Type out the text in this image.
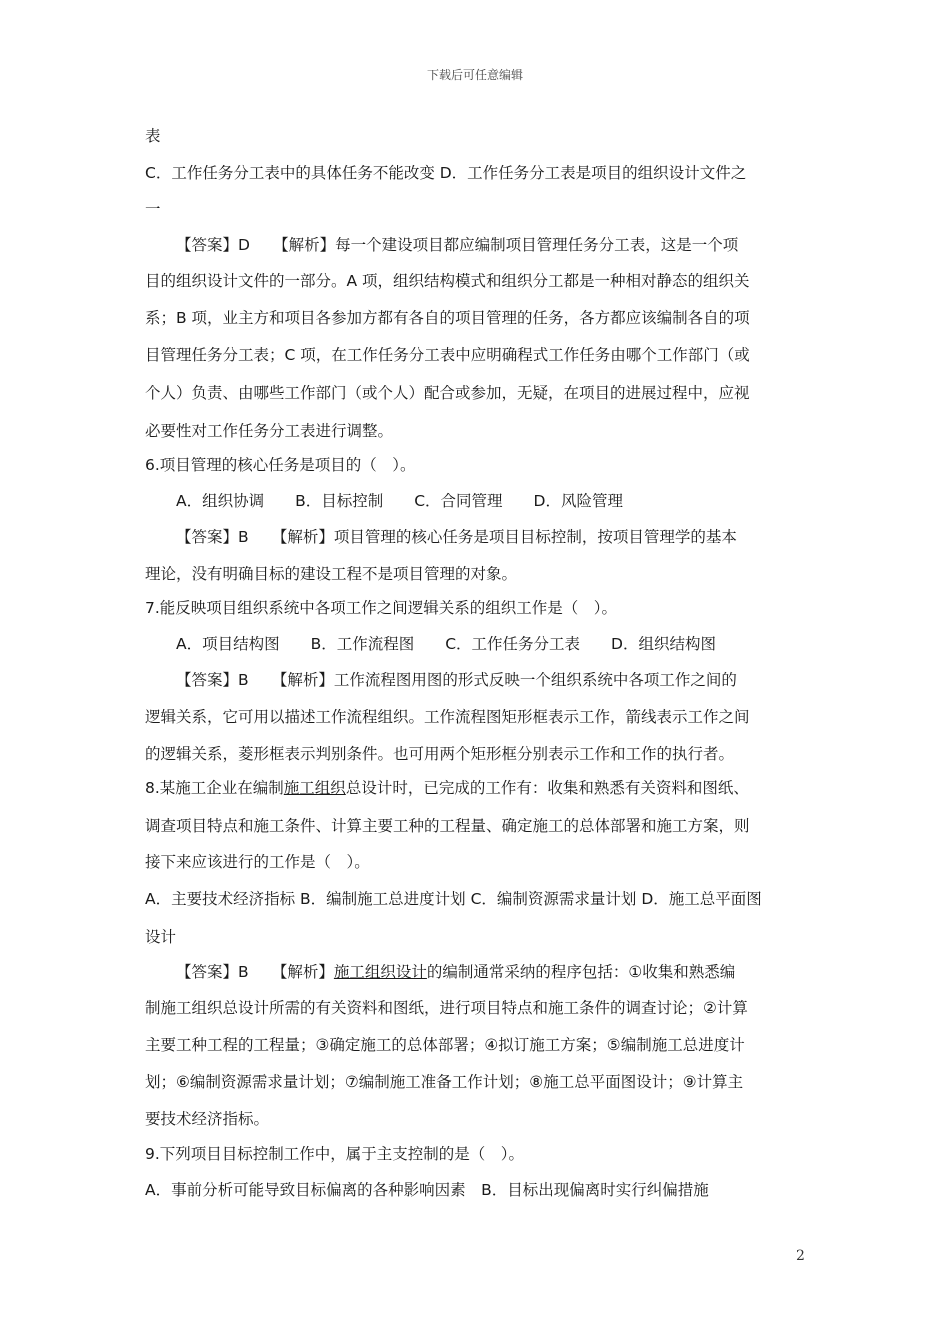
下载后可任意编辑
表
C．工作任务分工表中的具体任务不能改变 D．工作任务分工表是项目的组织设计文件之
一
【答案】D　　【解析】每一个建设项目都应编制项目管理任务分工表，这是一个项
目的组织设计文件的一部分。A 项，组织结构模式和组织分工都是一种相对静态的组织关
系；B 项，业主方和项目各参加方都有各自的项目管理的任务，各方都应该编制各自的项
目管理任务分工表；C 项，在工作任务分工表中应明确程式工作任务由哪个工作部门（或
个人）负责、由哪些工作部门（或个人）配合或参加，无疑，在项目的进展过程中，应视
必要性对工作任务分工表进行调整。
6.项目管理的核心任务是项目的（　）。
A．组织协调　　B．目标控制　　C．合同管理　　D．风险管理
【答案】B　　【解析】项目管理的核心任务是项目目标控制，按项目管理学的基本
理论，没有明确目标的建设工程不是项目管理的对象。
7.能反映项目组织系统中各项工作之间逻辑关系的组织工作是（　）。
A．项目结构图　　B．工作流程图　　C．工作任务分工表　　D．组织结构图
【答案】B　　【解析】工作流程图用图的形式反映一个组织系统中各项工作之间的
逻辑关系，它可用以描述工作流程组织。工作流程图矩形框表示工作，箭线表示工作之间
的逻辑关系，菱形框表示判别条件。也可用两个矩形框分别表示工作和工作的执行者。
8.某施工企业在编制施工组织总设计时，已完成的工作有：收集和熟悉有关资料和图纸、
调查项目特点和施工条件、计算主要工种的工程量、确定施工的总体部署和施工方案，则
接下来应该进行的工作是（　）。
A．主要技术经济指标 B．编制施工总进度计划 C．编制资源需求量计划 D．施工总平面图
设计
【答案】B　　【解析】施工组织设计的编制通常采纳的程序包括：①收集和熟悉编
制施工组织总设计所需的有关资料和图纸，进行项目特点和施工条件的调查讨论；②计算
主要工种工程的工程量；③确定施工的总体部署；④拟订施工方案；⑤编制施工总进度计
划；⑥编制资源需求量计划；⑦编制施工准备工作计划；⑧施工总平面图设计；⑨计算主
要技术经济指标。
9.下列项目目标控制工作中，属于主支控制的是（　）。
A．事前分析可能导致目标偏离的各种影响因素　B．目标出现偏离时实行纠偏措施
2
